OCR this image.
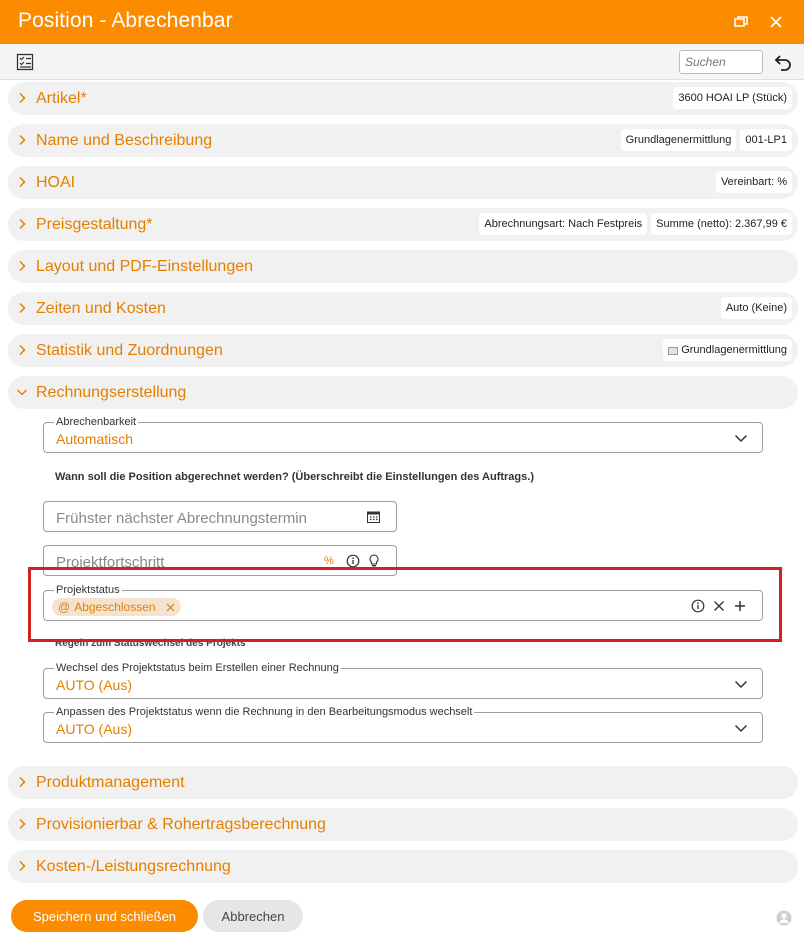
Position - Abrechenbar
Suchen
Artikel*	3600 HOAI LP (Stück)
Name und Beschreibung	Grundlagenermittlung	001-LP1
HOAI	Vereinbart: %
Preisgestaltung*	Abrechnungsart: Nach Festpreis	Summe (netto): 2.367,99 €
Layout und PDF-Einstellungen
Zeiten und Kosten	Auto (Keine)
Statistik und Zuordnungen	Grundlagenermittlung
Rechnungserstellung
Abrechenbarkeit
Automatisch
Wann soll die Position abgerechnet werden? (Überschreibt die Einstellungen des Auftrags.)
Frühster nächster Abrechnungstermin
Projektfortschritt	%
Projektstatus
@ Abgeschlossen
Regeln zum Statuswechsel des Projekts
Wechsel des Projektstatus beim Erstellen einer Rechnung
AUTO (Aus)
Anpassen des Projektstatus wenn die Rechnung in den Bearbeitungsmodus wechselt
AUTO (Aus)
Produktmanagement
Provisionierbar & Rohertragsberechnung
Kosten-/Leistungsrechnung
Speichern und schließen	Abbrechen
